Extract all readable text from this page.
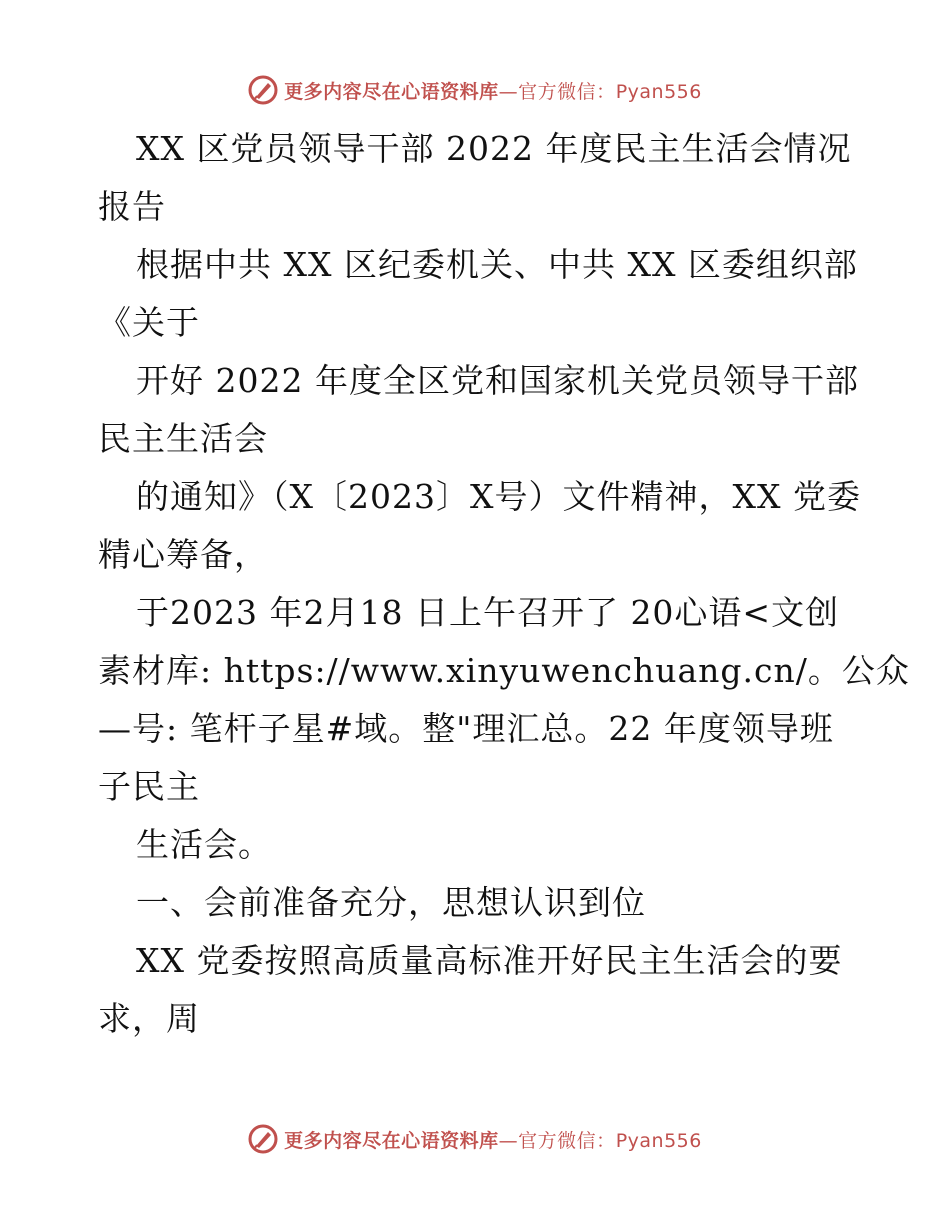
更多内容尽在心语资料库—官方微信：Pyan556
XX 区党员领导干部 2022 年度民主生活会情况
报告
根据中共 XX 区纪委机关、中共 XX 区委组织部
《关于
开好 2022 年度全区党和国家机关党员领导干部
民主生活会
的通知》（X〔2023〕X号）文件精神，XX 党委
精心筹备，
于2023 年2月18 日上午召开了 20心语<文创
素材库: https://www.xinyuwenchuang.cn/。公众
—号: 笔杆子星#域。整"理汇总。22 年度领导班
子民主
生活会。
一、会前准备充分，思想认识到位
XX 党委按照高质量高标准开好民主生活会的要
求，周
更多内容尽在心语资料库—官方微信：Pyan556
